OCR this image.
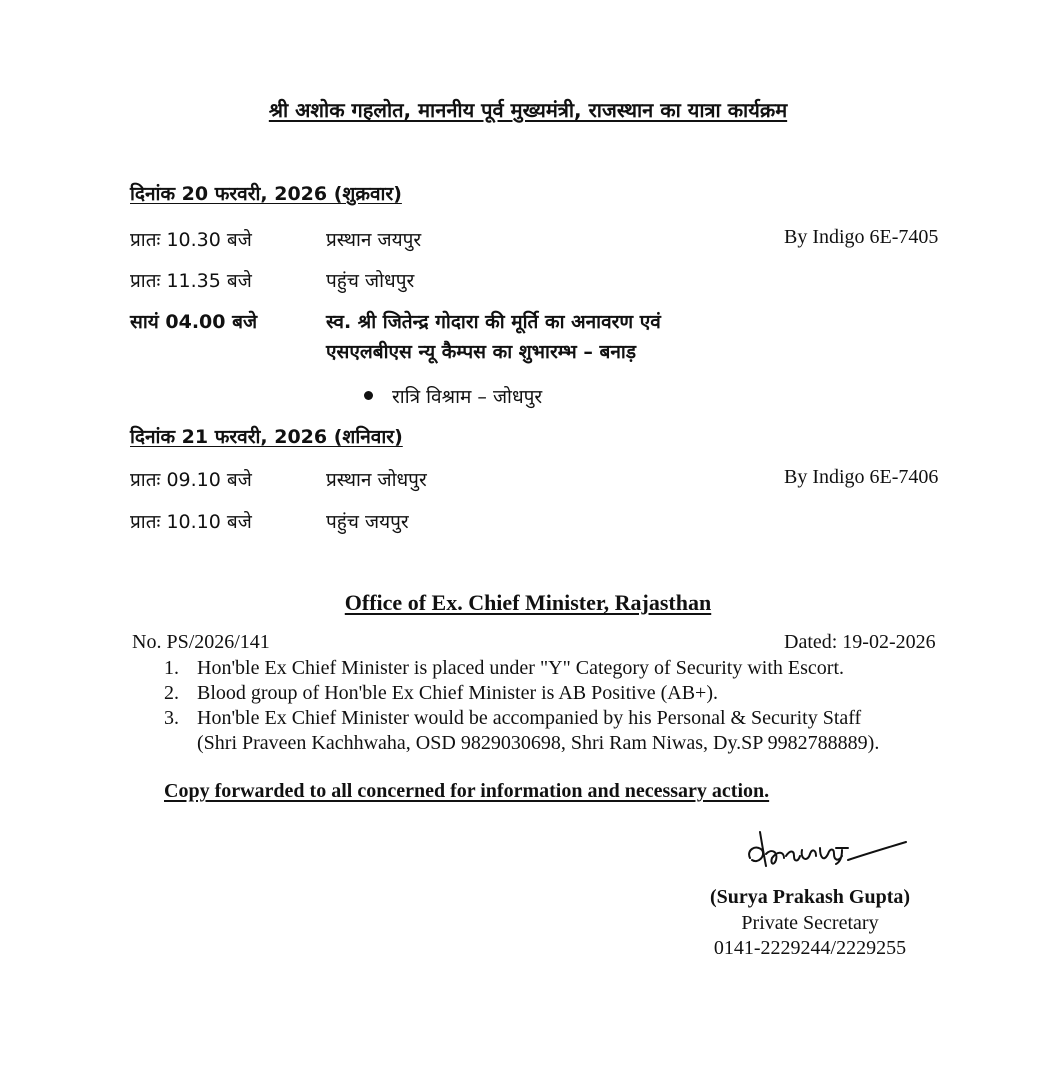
श्री अशोक गहलोत, माननीय पूर्व मुख्यमंत्री, राजस्थान का यात्रा कार्यक्रम
दिनांक 20 फरवरी, 2026 (शुक्रवार)
प्रातः 10.30 बजे	प्रस्थान जयपुर	By Indigo 6E-7405
प्रातः 11.35 बजे	पहुंच जोधपुर
सायं 04.00 बजे	स्व. श्री जितेन्द्र गोदारा की मूर्ति का अनावरण एवं
एसएलबीएस न्यू कैम्पस का शुभारम्भ – बनाड़
रात्रि विश्राम – जोधपुर
दिनांक 21 फरवरी, 2026 (शनिवार)
प्रातः 09.10 बजे	प्रस्थान जोधपुर	By Indigo 6E-7406
प्रातः 10.10 बजे	पहुंच जयपुर
Office of Ex. Chief Minister, Rajasthan
No. PS/2026/141	Dated: 19-02-2026
1. Hon'ble Ex Chief Minister is placed under "Y" Category of Security with Escort.
2. Blood group of Hon'ble Ex Chief Minister is AB Positive (AB+).
3. Hon'ble Ex Chief Minister would be accompanied by his Personal & Security Staff
(Shri Praveen Kachhwaha, OSD 9829030698, Shri Ram Niwas, Dy.SP 9982788889).
Copy forwarded to all concerned for information and necessary action.
(Surya Prakash Gupta)
Private Secretary
0141-2229244/2229255
